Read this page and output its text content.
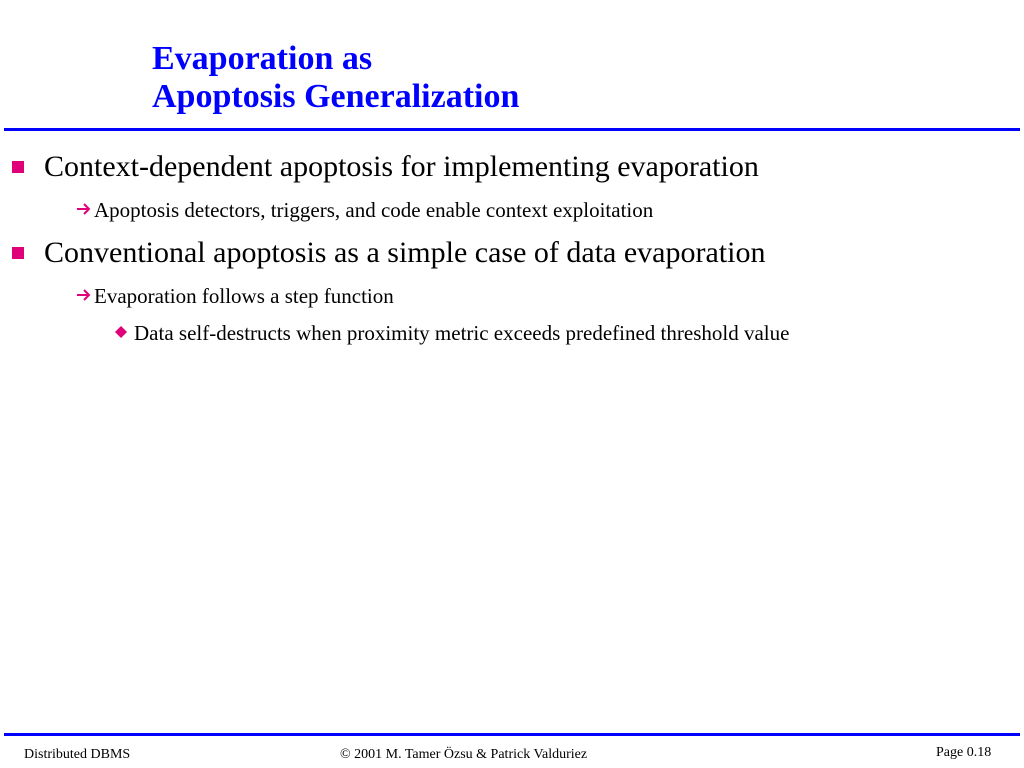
Evaporation as
Apoptosis Generalization
Context-dependent apoptosis for implementing evaporation
Apoptosis detectors, triggers, and code enable context exploitation
Conventional apoptosis as a simple case of data evaporation
Evaporation follows a step function
Data self-destructs when proximity metric exceeds predefined threshold value
Distributed DBMS	© 2001 M. Tamer Özsu & Patrick Valduriez	Page 0.18
